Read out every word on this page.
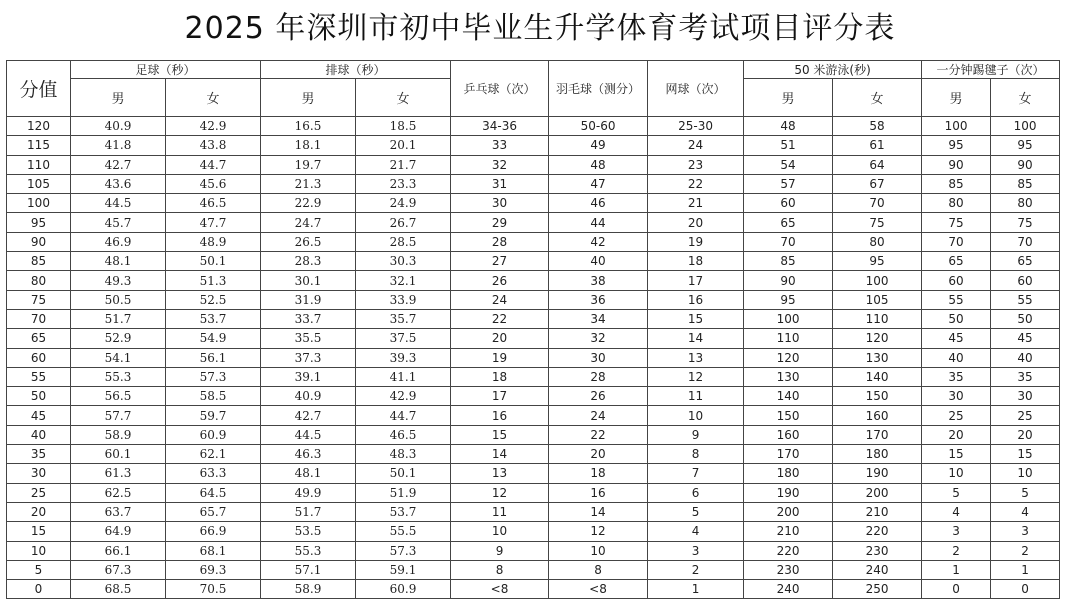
2025 年深圳市初中毕业生升学体育考试项目评分表
分值	足球（秒）		排球（秒）		乒乓球（次）	羽毛球（测分）	网球（次）	50 米游泳(秒)		一分钟踢毽子（次）	
	男	女	男	女				男	女	男	女
120	40.9	42.9	16.5	18.5	34-36	50-60	25-30	48	58	100	100
115	41.8	43.8	18.1	20.1	33	49	24	51	61	95	95
110	42.7	44.7	19.7	21.7	32	48	23	54	64	90	90
105	43.6	45.6	21.3	23.3	31	47	22	57	67	85	85
100	44.5	46.5	22.9	24.9	30	46	21	60	70	80	80
95	45.7	47.7	24.7	26.7	29	44	20	65	75	75	75
90	46.9	48.9	26.5	28.5	28	42	19	70	80	70	70
85	48.1	50.1	28.3	30.3	27	40	18	85	95	65	65
80	49.3	51.3	30.1	32.1	26	38	17	90	100	60	60
75	50.5	52.5	31.9	33.9	24	36	16	95	105	55	55
70	51.7	53.7	33.7	35.7	22	34	15	100	110	50	50
65	52.9	54.9	35.5	37.5	20	32	14	110	120	45	45
60	54.1	56.1	37.3	39.3	19	30	13	120	130	40	40
55	55.3	57.3	39.1	41.1	18	28	12	130	140	35	35
50	56.5	58.5	40.9	42.9	17	26	11	140	150	30	30
45	57.7	59.7	42.7	44.7	16	24	10	150	160	25	25
40	58.9	60.9	44.5	46.5	15	22	9	160	170	20	20
35	60.1	62.1	46.3	48.3	14	20	8	170	180	15	15
30	61.3	63.3	48.1	50.1	13	18	7	180	190	10	10
25	62.5	64.5	49.9	51.9	12	16	6	190	200	5	5
20	63.7	65.7	51.7	53.7	11	14	5	200	210	4	4
15	64.9	66.9	53.5	55.5	10	12	4	210	220	3	3
10	66.1	68.1	55.3	57.3	9	10	3	220	230	2	2
5	67.3	69.3	57.1	59.1	8	8	2	230	240	1	1
0	68.5	70.5	58.9	60.9	<8	<8	1	240	250	0	0
